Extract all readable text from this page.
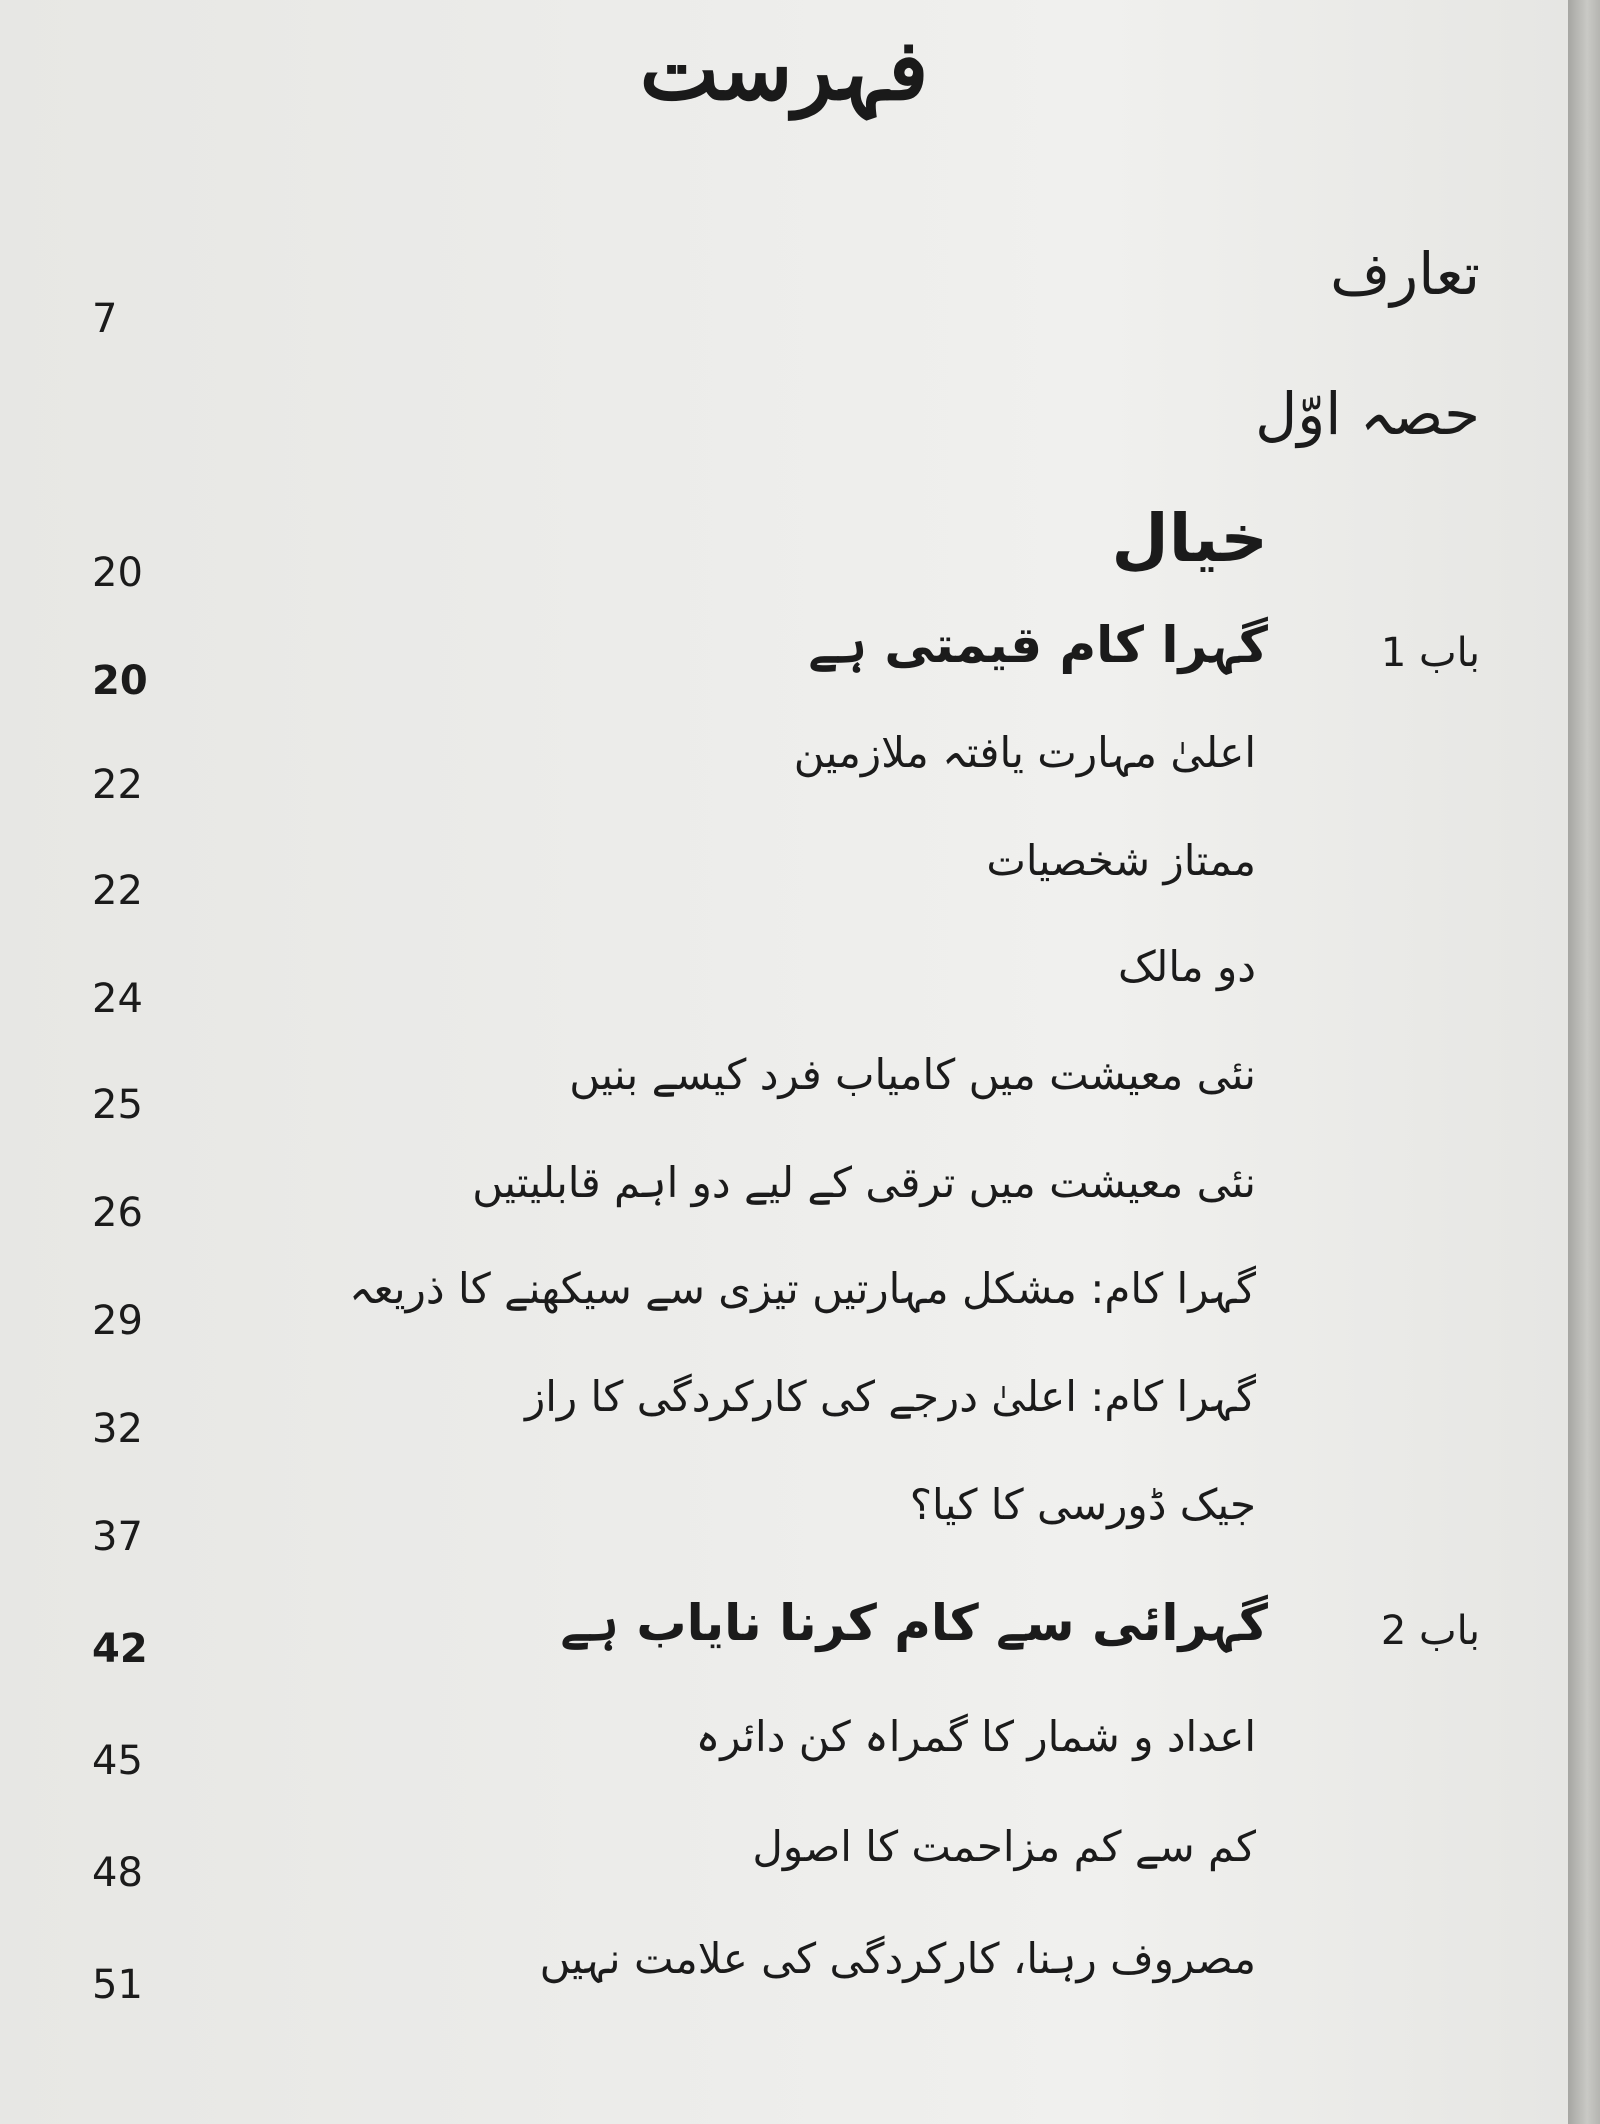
فہرست
تعارف
7
حصہ اوّل
خیال
20
باب 1
گہرا کام قیمتی ہے
20
اعلیٰ مہارت یافتہ ملازمین
22
ممتاز شخصیات
22
دو مالک
24
نئی معیشت میں کامیاب فرد کیسے بنیں
25
نئی معیشت میں ترقی کے لیے دو اہم قابلیتیں
26
گہرا کام: مشکل مہارتیں تیزی سے سیکھنے کا ذریعہ
29
گہرا کام: اعلیٰ درجے کی کارکردگی کا راز
32
جیک ڈورسی کا کیا؟
37
باب 2
گہرائی سے کام کرنا نایاب ہے
42
اعداد و شمار کا گمراہ کن دائرہ
45
کم سے کم مزاحمت کا اصول
48
مصروف رہنا، کارکردگی کی علامت نہیں
51
